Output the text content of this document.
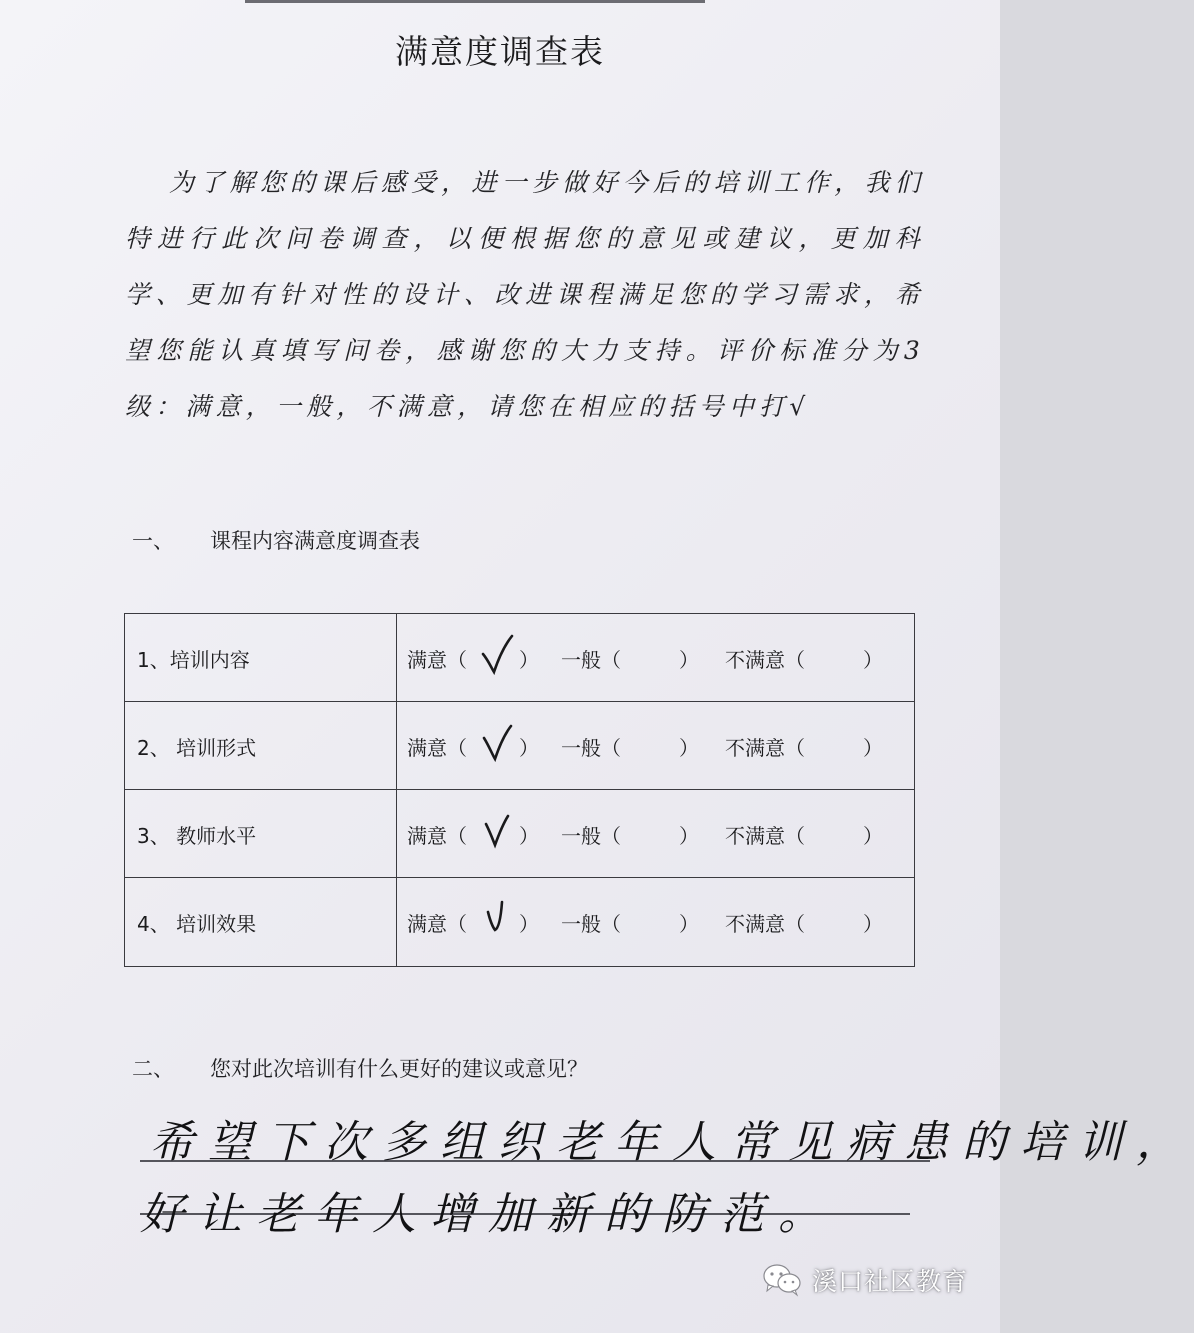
满意度调查表
为了解您的课后感受，进一步做好今后的培训工作，我们特进行此次问卷调查，以便根据您的意见或建议，更加科学、更加有针对性的设计、改进课程满足您的学习需求，希望您能认真填写问卷，感谢您的大力支持。评价标准分为3级：满意，一般，不满意，请您在相应的括号中打√
一、 课程内容满意度调查表
1、培训内容	满意（	） 一般（	） 不满意（	）
2、 培训形式	满意（	） 一般（	） 不满意（	）
3、 教师水平	满意（	） 一般（	） 不满意（	）
4、 培训效果	满意（	） 一般（	） 不满意（	）
二、 您对此次培训有什么更好的建议或意见？
希望下次多组织老年人常见病患的培训，
好让老年人增加新的防范。
溪口社区教育
